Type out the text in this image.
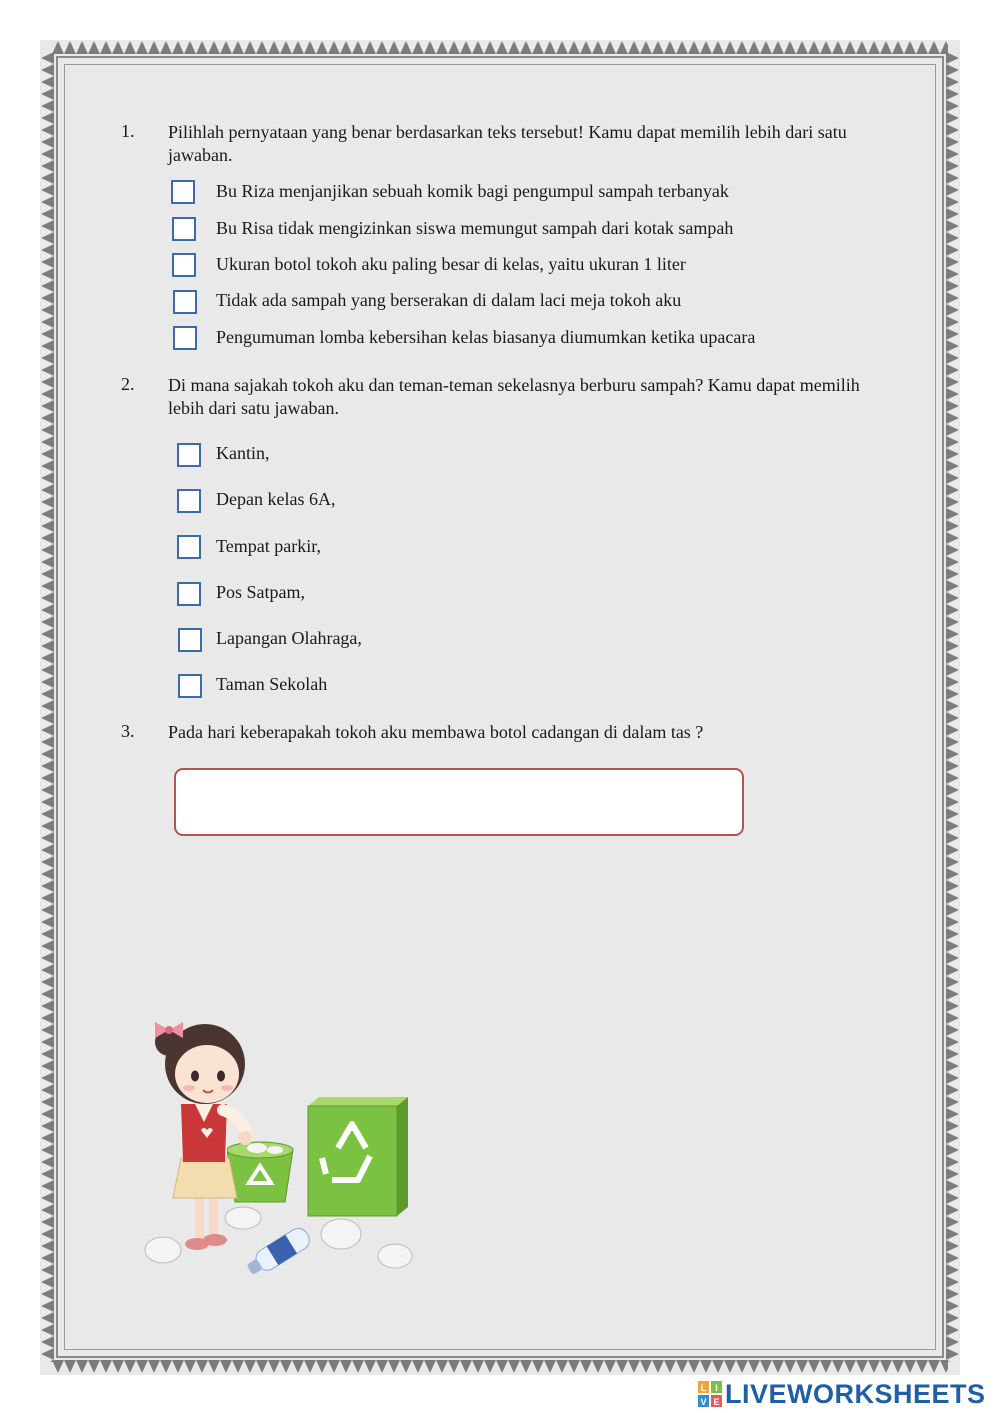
1. Pilihlah pernyataan yang benar berdasarkan teks tersebut! Kamu dapat memilih lebih dari satu jawaban.
Bu Riza menjanjikan sebuah komik bagi pengumpul sampah terbanyak
Bu Risa tidak mengizinkan siswa memungut sampah dari kotak sampah
Ukuran botol tokoh aku paling besar di kelas, yaitu ukuran 1 liter
Tidak ada sampah yang berserakan di dalam laci meja tokoh aku
Pengumuman lomba kebersihan kelas biasanya diumumkan ketika upacara
2. Di mana sajakah tokoh aku dan teman-teman sekelasnya berburu sampah? Kamu dapat memilih lebih dari satu jawaban.
Kantin,
Depan kelas 6A,
Tempat parkir,
Pos Satpam,
Lapangan Olahraga,
Taman Sekolah
3. Pada hari keberapakah tokoh aku membawa botol cadangan di dalam tas ?
L I
V E LIVEWORKSHEETS
